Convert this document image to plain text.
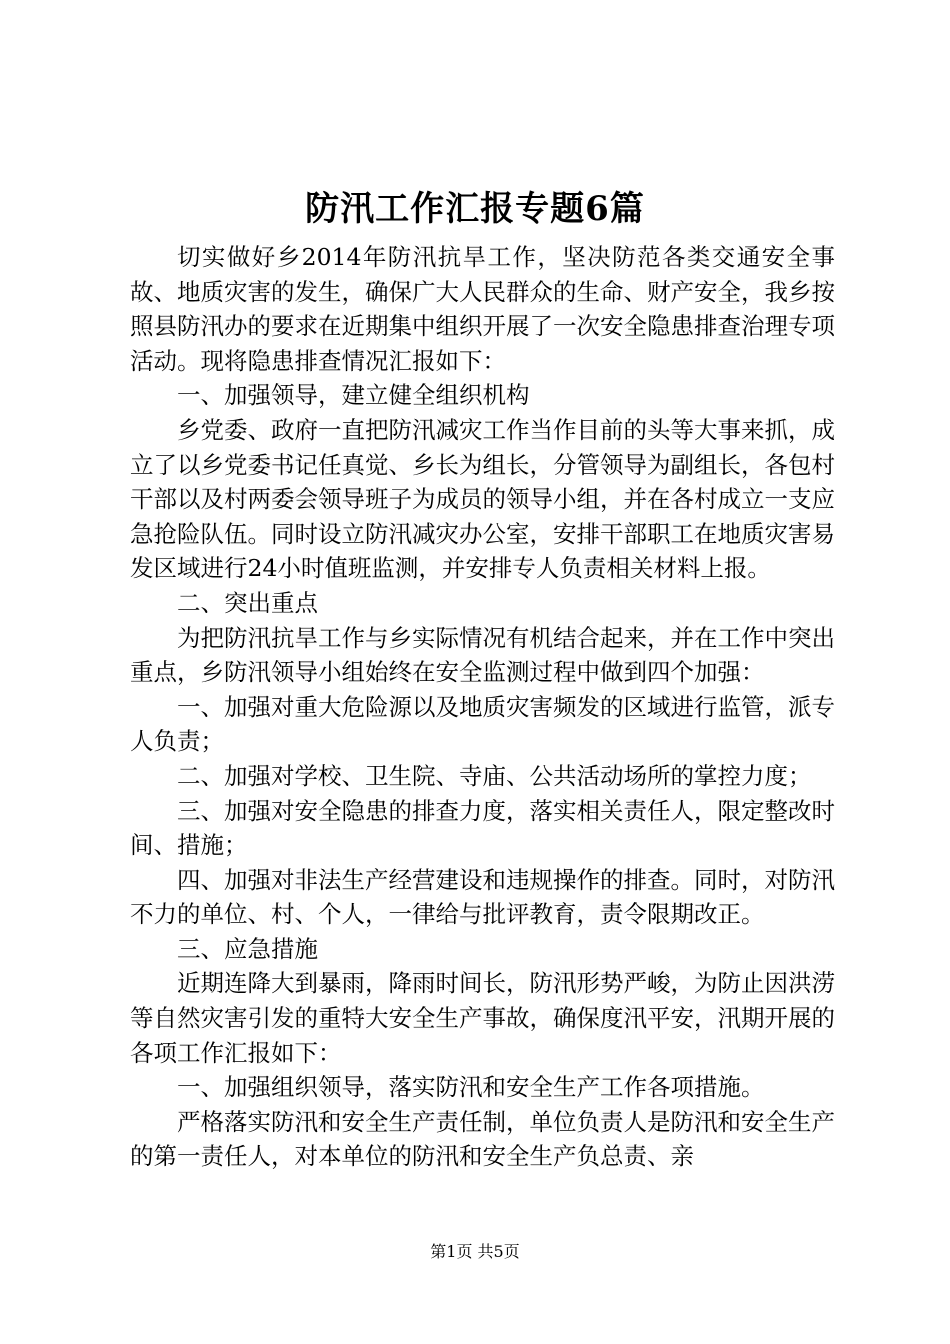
防汛工作汇报专题6篇

切实做好乡2014年防汛抗旱工作，坚决防范各类交通安全事故、地质灾害的发生，确保广大人民群众的生命、财产安全，我乡按照县防汛办的要求在近期集中组织开展了一次安全隐患排查治理专项活动。现将隐患排查情况汇报如下：

一、加强领导，建立健全组织机构

乡党委、政府一直把防汛减灾工作当作目前的头等大事来抓，成立了以乡党委书记任真觉、乡长为组长，分管领导为副组长，各包村干部以及村两委会领导班子为成员的领导小组，并在各村成立一支应急抢险队伍。同时设立防汛减灾办公室，安排干部职工在地质灾害易发区域进行24小时值班监测，并安排专人负责相关材料上报。

二、突出重点

为把防汛抗旱工作与乡实际情况有机结合起来，并在工作中突出重点，乡防汛领导小组始终在安全监测过程中做到四个加强：

一、加强对重大危险源以及地质灾害频发的区域进行监管，派专人负责；

二、加强对学校、卫生院、寺庙、公共活动场所的掌控力度；

三、加强对安全隐患的排查力度，落实相关责任人，限定整改时间、措施；

四、加强对非法生产经营建设和违规操作的排查。同时，对防汛不力的单位、村、个人，一律给与批评教育，责令限期改正。

三、应急措施

近期连降大到暴雨，降雨时间长，防汛形势严峻，为防止因洪涝等自然灾害引发的重特大安全生产事故，确保度汛平安，汛期开展的各项工作汇报如下：

一、加强组织领导，落实防汛和安全生产工作各项措施。

严格落实防汛和安全生产责任制，单位负责人是防汛和安全生产的第一责任人，对本单位的防汛和安全生产负总责、亲

第1页 共5页
